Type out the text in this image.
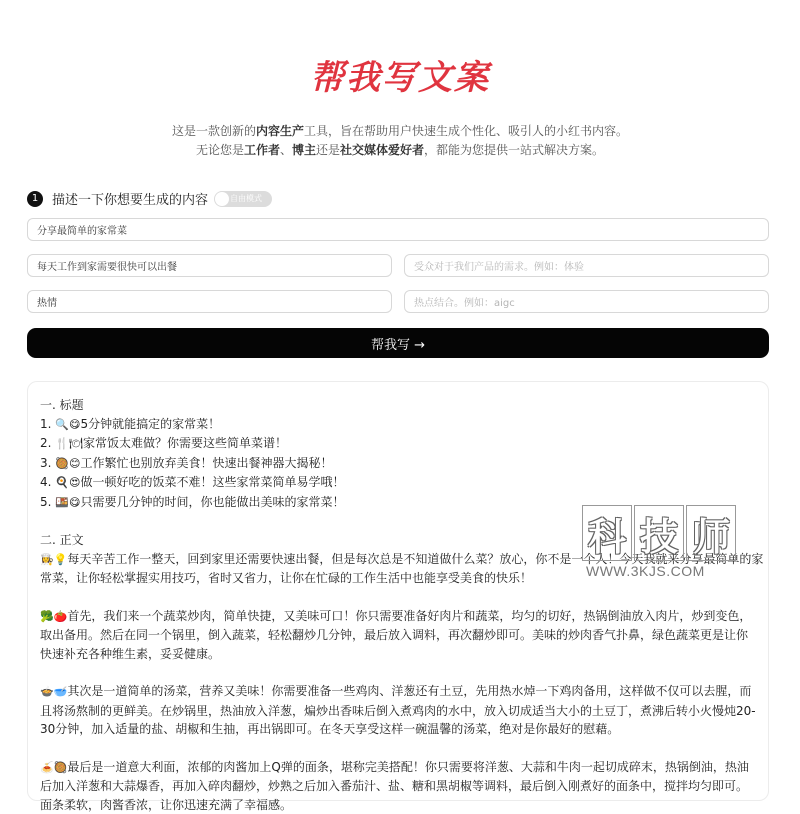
帮我写文案
这是一款创新的内容生产工具，旨在帮助用户快速生成个性化、吸引人的小红书内容。
无论您是工作者、博主还是社交媒体爱好者，都能为您提供一站式解决方案。
1	描述一下你想要生成的内容	自由模式
分享最简单的家常菜
每天工作到家需要很快可以出餐	受众对于我们产品的需求。例如：体验
热情	热点结合。例如：aigc
帮我写 →
一. 标题
1. 🔍😋5分钟就能搞定的家常菜！
2. 🍴🍽家常饭太难做？你需要这些简单菜谱！
3. 🥘😊工作繁忙也别放弃美食！快速出餐神器大揭秘！
4. 🍳😍做一顿好吃的饭菜不难！这些家常菜简单易学哦！
5. 🍱😋只需要几分钟的时间，你也能做出美味的家常菜！
二. 正文
👩‍🍳💡每天辛苦工作一整天，回到家里还需要快速出餐，但是每次总是不知道做什么菜？放心，你不是一个人！今天我就来分享最简单的家
常菜，让你轻松掌握实用技巧，省时又省力，让你在忙碌的工作生活中也能享受美食的快乐！
🥦🍅首先，我们来一个蔬菜炒肉，简单快捷，又美味可口！你只需要准备好肉片和蔬菜，均匀的切好，热锅倒油放入肉片，炒到变色，
取出备用。然后在同一个锅里，倒入蔬菜，轻松翻炒几分钟，最后放入调料，再次翻炒即可。美味的炒肉香气扑鼻，绿色蔬菜更是让你
快速补充各种维生素，妥妥健康。
🍲🥣其次是一道简单的汤菜，营养又美味！你需要准备一些鸡肉、洋葱还有土豆，先用热水焯一下鸡肉备用，这样做不仅可以去腥，而
且将汤熬制的更鲜美。在炒锅里，热油放入洋葱，煸炒出香味后倒入煮鸡肉的水中，放入切成适当大小的土豆丁，煮沸后转小火慢炖20-
30分钟，加入适量的盐、胡椒和生抽，再出锅即可。在冬天享受这样一碗温馨的汤菜，绝对是你最好的慰藉。
🍝🥘最后是一道意大利面，浓郁的肉酱加上Q弹的面条，堪称完美搭配！你只需要将洋葱、大蒜和牛肉一起切成碎末，热锅倒油，热油
后加入洋葱和大蒜爆香，再加入碎肉翻炒，炒熟之后加入番茄汁、盐、糖和黑胡椒等调料，最后倒入刚煮好的面条中，搅拌均匀即可。
面条柔软，肉酱香浓，让你迅速充满了幸福感。
科 技 师
WWW.3KJS.COM
